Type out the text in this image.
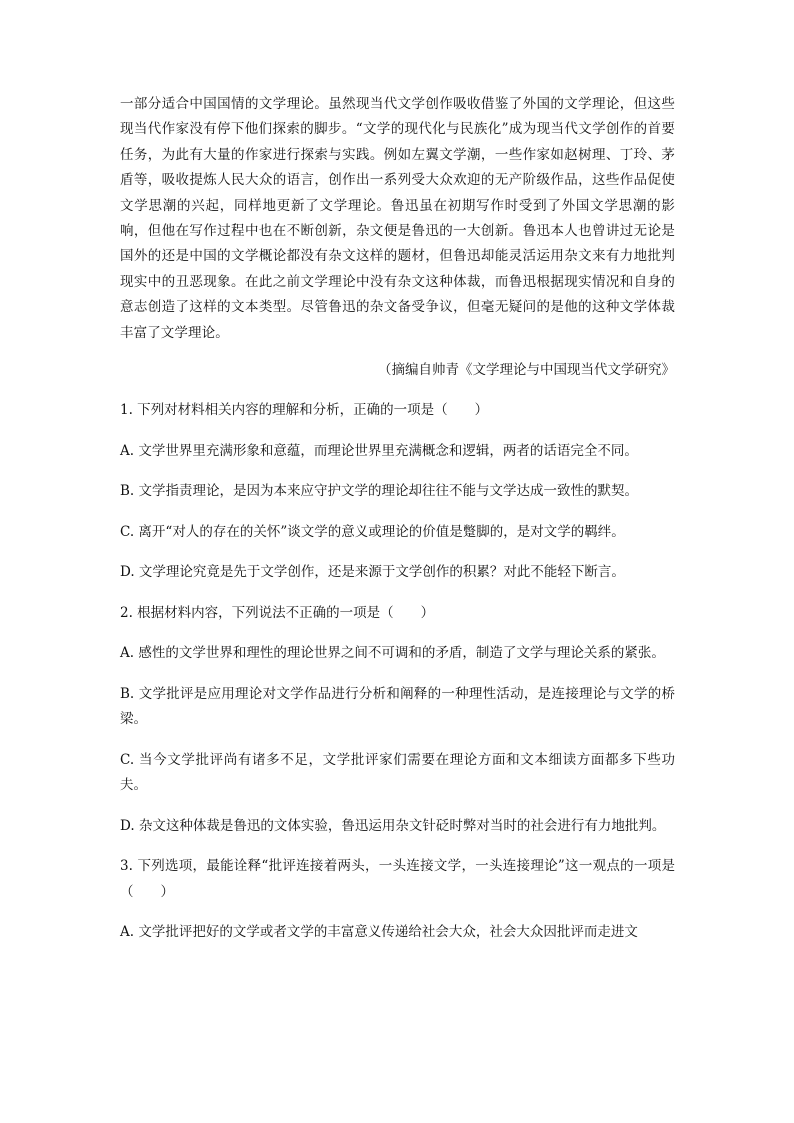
一部分适合中国国情的文学理论。虽然现当代文学创作吸收借鉴了外国的文学理论，但这些现当代作家没有停下他们探索的脚步。“文学的现代化与民族化”成为现当代文学创作的首要任务，为此有大量的作家进行探索与实践。例如左翼文学潮，一些作家如赵树理、丁玲、茅盾等，吸收提炼人民大众的语言，创作出一系列受大众欢迎的无产阶级作品，这些作品促使文学思潮的兴起，同样地更新了文学理论。鲁迅虽在初期写作时受到了外国文学思潮的影响，但他在写作过程中也在不断创新，杂文便是鲁迅的一大创新。鲁迅本人也曾讲过无论是国外的还是中国的文学概论都没有杂文这样的题材，但鲁迅却能灵活运用杂文来有力地批判现实中的丑恶现象。在此之前文学理论中没有杂文这种体裁，而鲁迅根据现实情况和自身的意志创造了这样的文本类型。尽管鲁迅的杂文备受争议，但毫无疑问的是他的这种文学体裁丰富了文学理论。

（摘编自帅青《文学理论与中国现当代文学研究》

1. 下列对材料相关内容的理解和分析，正确的一项是（　　）

A. 文学世界里充满形象和意蕴，而理论世界里充满概念和逻辑，两者的话语完全不同。

B. 文学指责理论，是因为本来应守护文学的理论却往往不能与文学达成一致性的默契。

C. 离开“对人的存在的关怀”谈文学的意义或理论的价值是蹩脚的，是对文学的羁绊。

D. 文学理论究竟是先于文学创作，还是来源于文学创作的积累？对此不能轻下断言。

2. 根据材料内容，下列说法不正确的一项是（　　）

A. 感性的文学世界和理性的理论世界之间不可调和的矛盾，制造了文学与理论关系的紧张。

B. 文学批评是应用理论对文学作品进行分析和阐释的一种理性活动，是连接理论与文学的桥梁。

C. 当今文学批评尚有诸多不足，文学批评家们需要在理论方面和文本细读方面都多下些功夫。

D. 杂文这种体裁是鲁迅的文体实验，鲁迅运用杂文针砭时弊对当时的社会进行有力地批判。

3. 下列选项，最能诠释“批评连接着两头，一头连接文学，一头连接理论”这一观点的一项是（　　）

A. 文学批评把好的文学或者文学的丰富意义传递给社会大众，社会大众因批评而走进文
